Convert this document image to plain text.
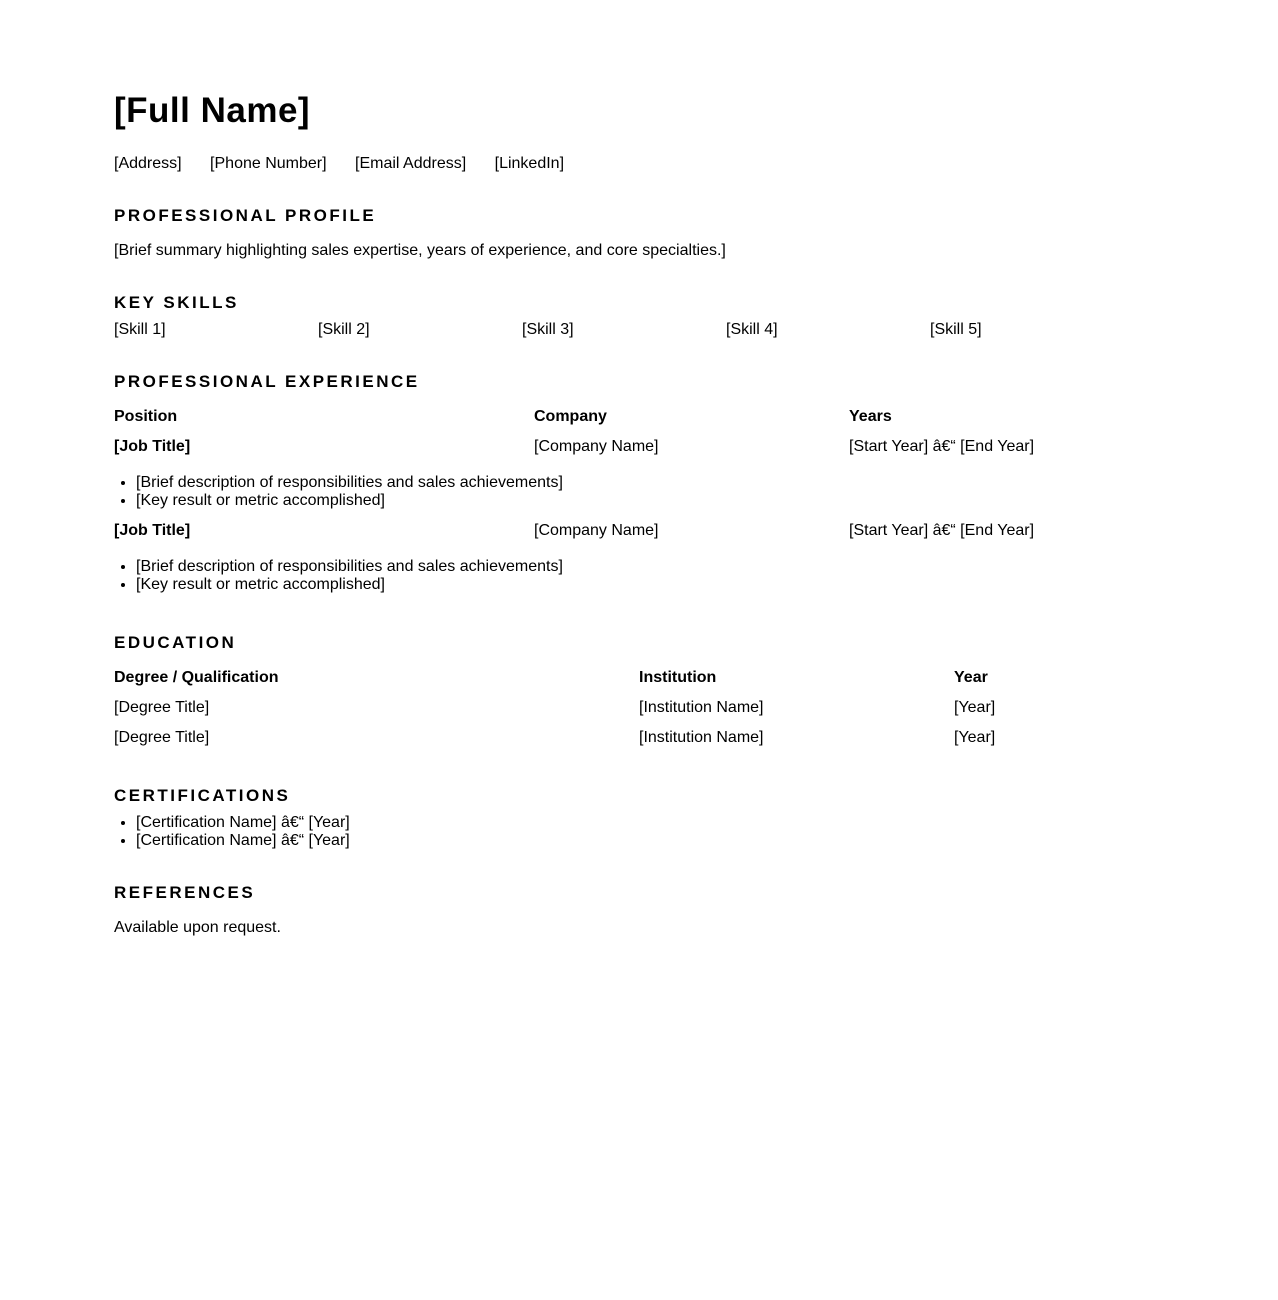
[Full Name]
[Address] [Phone Number] [Email Address] [LinkedIn]
PROFESSIONAL PROFILE
[Brief summary highlighting sales expertise, years of experience, and core specialties.]
KEY SKILLS
[Skill 1]	[Skill 2]	[Skill 3]	[Skill 4]	[Skill 5]
PROFESSIONAL EXPERIENCE
Position	Company	Years
[Job Title]	[Company Name]	[Start Year] â€“ [End Year]
• [Brief description of responsibilities and sales achievements]
• [Key result or metric accomplished]
[Job Title]	[Company Name]	[Start Year] â€“ [End Year]
• [Brief description of responsibilities and sales achievements]
• [Key result or metric accomplished]
EDUCATION
Degree / Qualification	Institution	Year
[Degree Title]	[Institution Name]	[Year]
[Degree Title]	[Institution Name]	[Year]
CERTIFICATIONS
• [Certification Name] â€“ [Year]
• [Certification Name] â€“ [Year]
REFERENCES
Available upon request.
